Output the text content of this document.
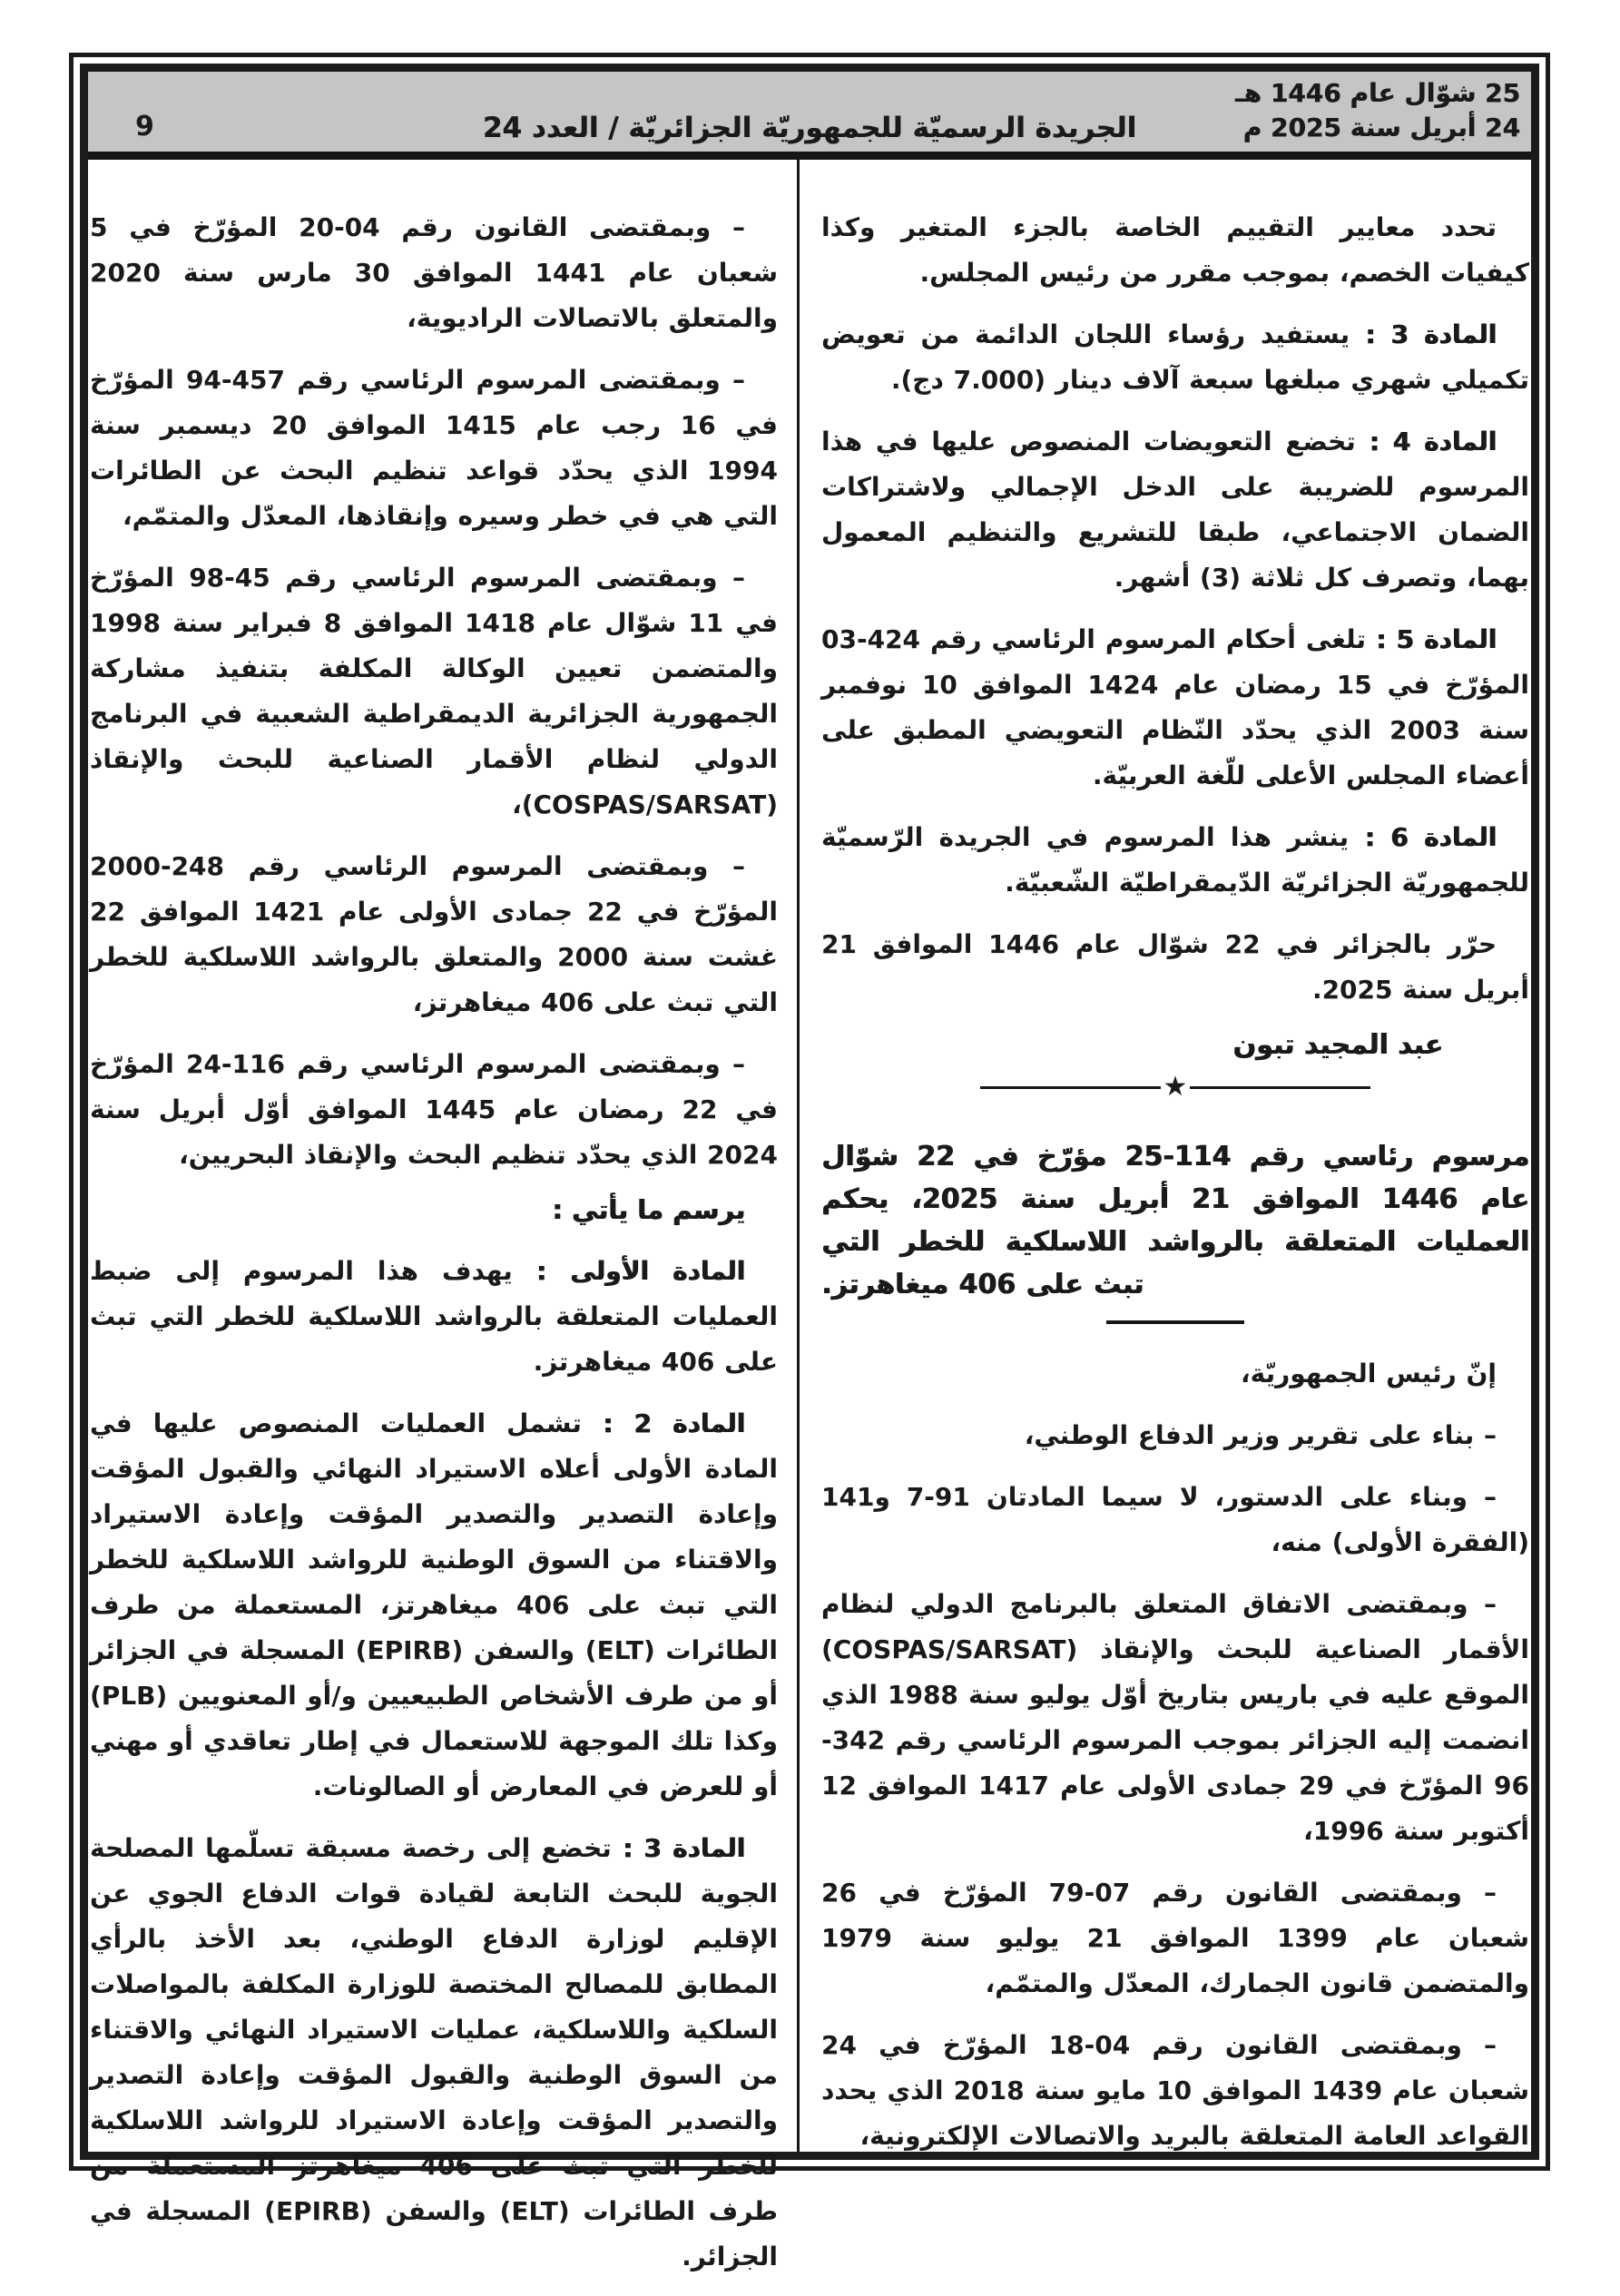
25 شوّال عام 1446 هـ
24 أبريل سنة 2025 م
الجريدة الرسميّة للجمهوريّة الجزائريّة / العدد 24
9

تحدد معايير التقييم الخاصة بالجزء المتغير وكذا كيفيات الخصم، بموجب مقرر من رئيس المجلس.

المادة 3 : يستفيد رؤساء اللجان الدائمة من تعويض تكميلي شهري مبلغها سبعة آلاف دينار (7.000 دج).

المادة 4 : تخضع التعويضات المنصوص عليها في هذا المرسوم للضريبة على الدخل الإجمالي ولاشتراكات الضمان الاجتماعي، طبقا للتشريع والتنظيم المعمول بهما، وتصرف كل ثلاثة (3) أشهر.

المادة 5 : تلغى أحكام المرسوم الرئاسي رقم 424-03 المؤرّخ في 15 رمضان عام 1424 الموافق 10 نوفمبر سنة 2003 الذي يحدّد النّظام التعويضي المطبق على أعضاء المجلس الأعلى للّغة العربيّة.

المادة 6 : ينشر هذا المرسوم في الجريدة الرّسميّة للجمهوريّة الجزائريّة الدّيمقراطيّة الشّعبيّة.

حرّر بالجزائر في 22 شوّال عام 1446 الموافق 21 أبريل سنة 2025.

عبد المجيد تبون

★

مرسوم رئاسي رقم 114-25 مؤرّخ في 22 شوّال عام 1446 الموافق 21 أبريل سنة 2025، يحكم العمليات المتعلقة بالرواشد اللاسلكية للخطر التي تبث على 406 ميغاهرتز.

إنّ رئيس الجمهوريّة،

– بناء على تقرير وزير الدفاع الوطني،

– وبناء على الدستور، لا سيما المادتان 91-7 و141 (الفقرة الأولى) منه،

– وبمقتضى الاتفاق المتعلق بالبرنامج الدولي لنظام الأقمار الصناعية للبحث والإنقاذ (COSPAS/SARSAT) الموقع عليه في باريس بتاريخ أوّل يوليو سنة 1988 الذي انضمت إليه الجزائر بموجب المرسوم الرئاسي رقم 342-96 المؤرّخ في 29 جمادى الأولى عام 1417 الموافق 12 أكتوبر سنة 1996،

– وبمقتضى القانون رقم 07-79 المؤرّخ في 26 شعبان عام 1399 الموافق 21 يوليو سنة 1979 والمتضمن قانون الجمارك، المعدّل والمتمّم،

– وبمقتضى القانون رقم 04-18 المؤرّخ في 24 شعبان عام 1439 الموافق 10 مايو سنة 2018 الذي يحدد القواعد العامة المتعلقة بالبريد والاتصالات الإلكترونية،

– وبمقتضى القانون رقم 04-20 المؤرّخ في 5 شعبان عام 1441 الموافق 30 مارس سنة 2020 والمتعلق بالاتصالات الراديوية،

– وبمقتضى المرسوم الرئاسي رقم 457-94 المؤرّخ في 16 رجب عام 1415 الموافق 20 ديسمبر سنة 1994 الذي يحدّد قواعد تنظيم البحث عن الطائرات التي هي في خطر وسيره وإنقاذها، المعدّل والمتمّم،

– وبمقتضى المرسوم الرئاسي رقم 45-98 المؤرّخ في 11 شوّال عام 1418 الموافق 8 فبراير سنة 1998 والمتضمن تعيين الوكالة المكلفة بتنفيذ مشاركة الجمهورية الجزائرية الديمقراطية الشعبية في البرنامج الدولي لنظام الأقمار الصناعية للبحث والإنقاذ (COSPAS/SARSAT)،

– وبمقتضى المرسوم الرئاسي رقم 248-2000 المؤرّخ في 22 جمادى الأولى عام 1421 الموافق 22 غشت سنة 2000 والمتعلق بالرواشد اللاسلكية للخطر التي تبث على 406 ميغاهرتز،

– وبمقتضى المرسوم الرئاسي رقم 116-24 المؤرّخ في 22 رمضان عام 1445 الموافق أوّل أبريل سنة 2024 الذي يحدّد تنظيم البحث والإنقاذ البحريين،

يرسم ما يأتي :

المادة الأولى : يهدف هذا المرسوم إلى ضبط العمليات المتعلقة بالرواشد اللاسلكية للخطر التي تبث على 406 ميغاهرتز.

المادة 2 : تشمل العمليات المنصوص عليها في المادة الأولى أعلاه الاستيراد النهائي والقبول المؤقت وإعادة التصدير والتصدير المؤقت وإعادة الاستيراد والاقتناء من السوق الوطنية للرواشد اللاسلكية للخطر التي تبث على 406 ميغاهرتز، المستعملة من طرف الطائرات (ELT) والسفن (EPIRB) المسجلة في الجزائر أو من طرف الأشخاص الطبيعيين و/أو المعنويين (PLB) وكذا تلك الموجهة للاستعمال في إطار تعاقدي أو مهني أو للعرض في المعارض أو الصالونات.

المادة 3 : تخضع إلى رخصة مسبقة تسلّمها المصلحة الجوية للبحث التابعة لقيادة قوات الدفاع الجوي عن الإقليم لوزارة الدفاع الوطني، بعد الأخذ بالرأي المطابق للمصالح المختصة للوزارة المكلفة بالمواصلات السلكية واللاسلكية، عمليات الاستيراد النهائي والاقتناء من السوق الوطنية والقبول المؤقت وإعادة التصدير والتصدير المؤقت وإعادة الاستيراد للرواشد اللاسلكية للخطر التي تبث على 406 ميغاهرتز المستعملة من طرف الطائرات (ELT) والسفن (EPIRB) المسجلة في الجزائر.
